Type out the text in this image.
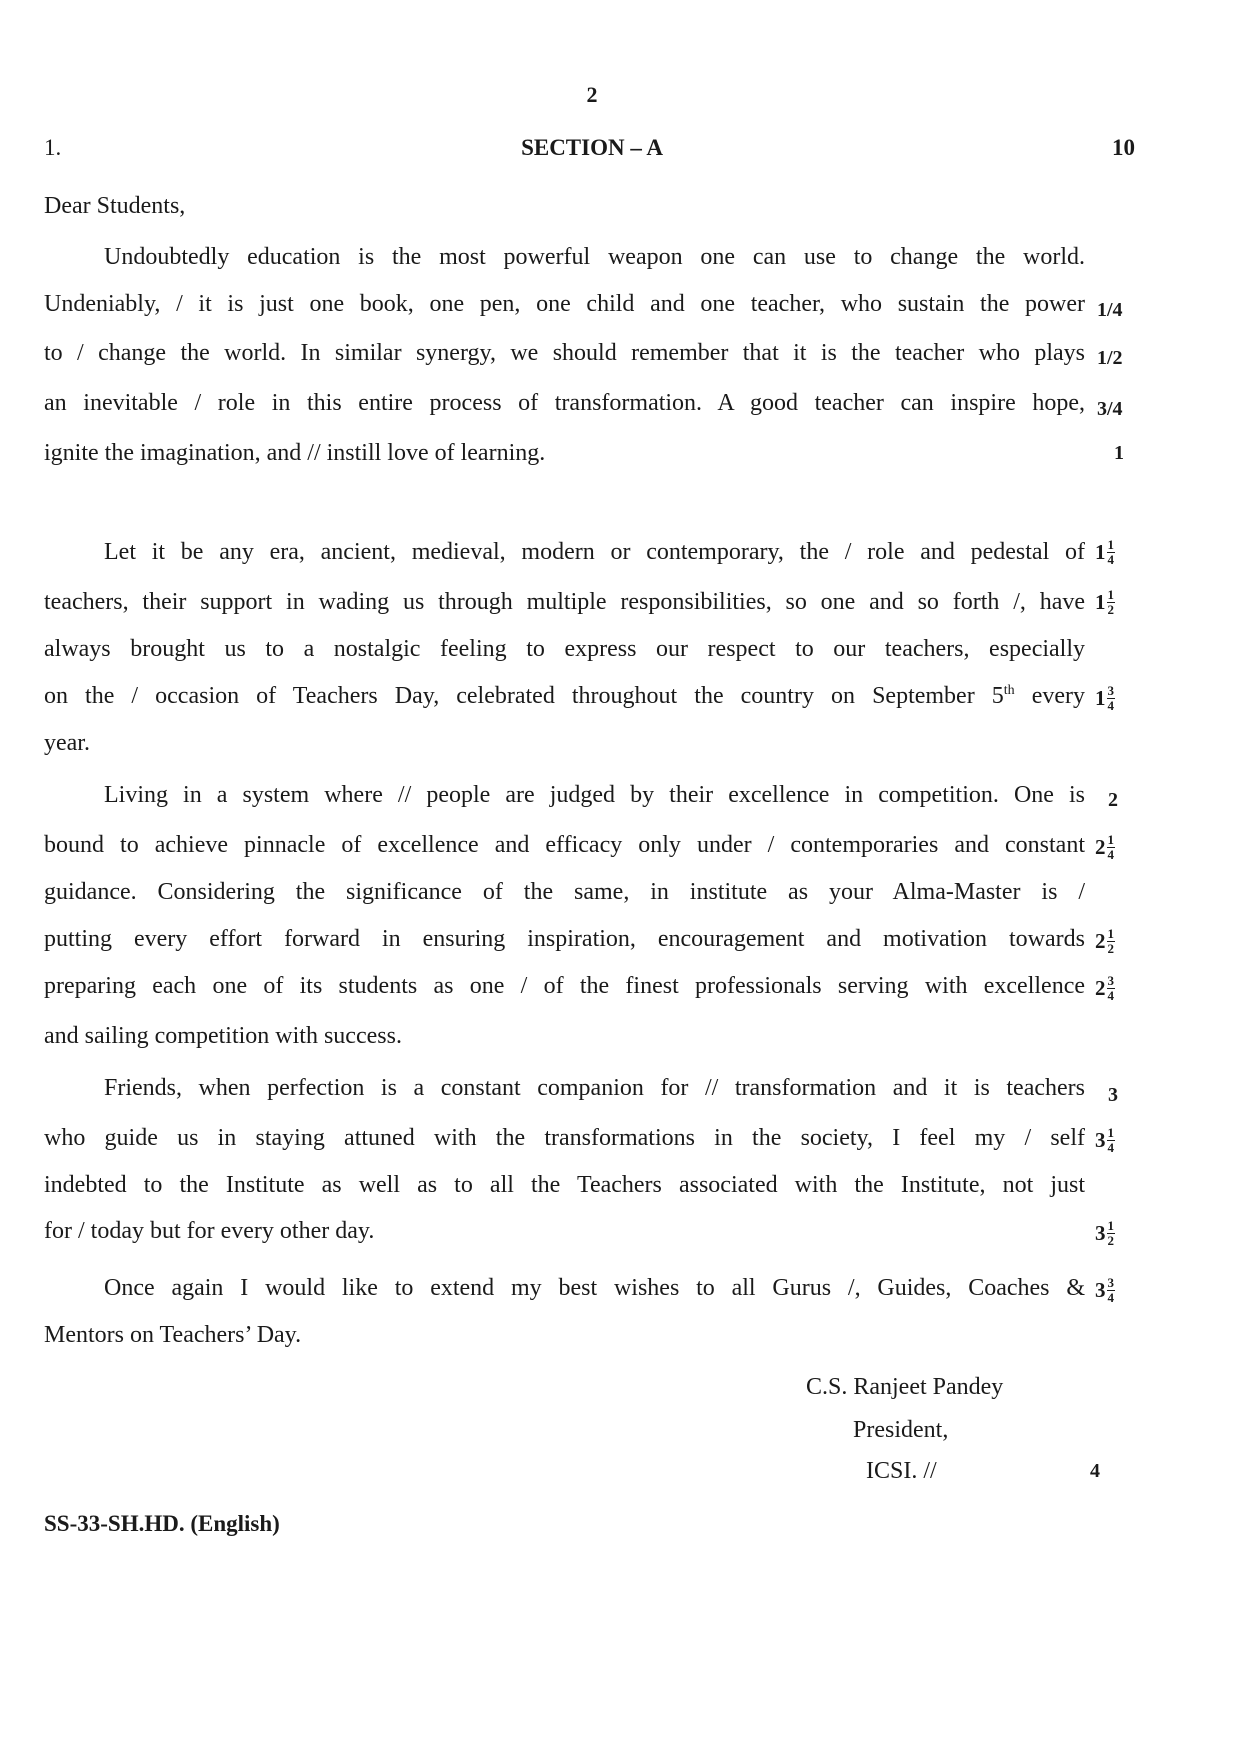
2
1.	SECTION – A	10
Dear Students,
Undoubtedly education is the most powerful weapon one can use to change the world.
Undeniably, / it is just one book, one pen, one child and one teacher, who sustain the power
to / change the world. In similar synergy, we should remember that it is the teacher who plays
an inevitable / role in this entire process of transformation. A good teacher can inspire hope,
ignite the imagination, and // instill love of learning.
Let it be any era, ancient, medieval, modern or contemporary, the / role and pedestal of
teachers, their support in wading us through multiple responsibilities, so one and so forth /, have
always brought us to a nostalgic feeling to express our respect to our teachers, especially
on the / occasion of Teachers Day, celebrated throughout the country on September 5th every
year.
Living in a system where // people are judged by their excellence in competition. One is
bound to achieve pinnacle of excellence and efficacy only under / contemporaries and constant
guidance. Considering the significance of the same, in institute as your Alma-Master is /
putting every effort forward in ensuring inspiration, encouragement and motivation towards
preparing each one of its students as one / of the finest professionals serving with excellence
and sailing competition with success.
Friends, when perfection is a constant companion for // transformation and it is teachers
who guide us in staying attuned with the transformations in the society, I feel my / self
indebted to the Institute as well as to all the Teachers associated with the Institute, not just
for / today but for every other day.
Once again I would like to extend my best wishes to all Gurus /, Guides, Coaches &
Mentors on Teachers’ Day.
1/4
1/2
3/4
1
2
3
4
$1 \frac{1}{4}$
$1 \frac{1}{2}$
$1 \frac{3}{4}$
$2 \frac{1}{4}$
$2 \frac{1}{2}$
$2 \frac{3}{4}$
$3 \frac{1}{4}$
$3 \frac{1}{2}$
$3 \frac{3}{4}$
C.S. Ranjeet Pandey
President,
ICSI. //
SS-33-SH.HD. (English)
